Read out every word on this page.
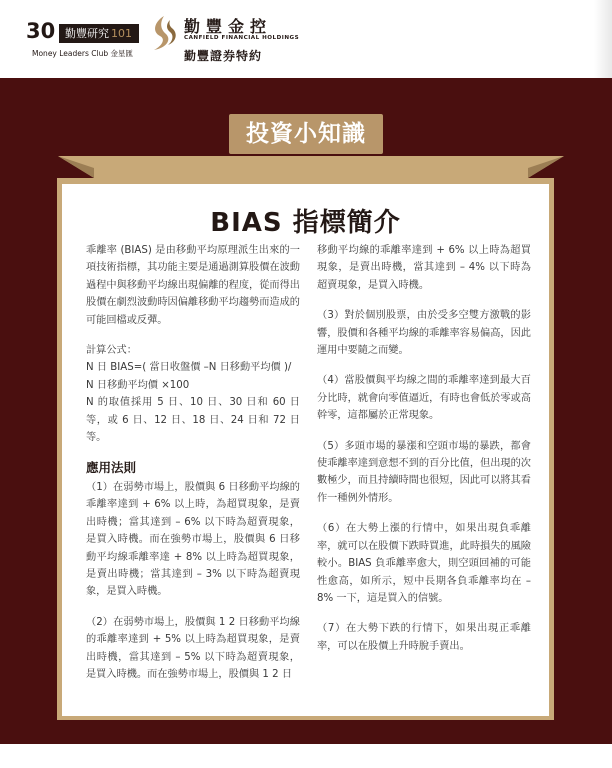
30 勤豐研究 101
Money Leaders Club 金星匯
勤豐金控
CANFIELD FINANCIAL HOLDINGS
勤豐證券特約
投資小知識
BIAS 指標簡介

乖離率 (BIAS) 是由移動平均原理派生出來的一項技術指標，其功能主要是通過測算股價在波動過程中與移動平均線出現偏離的程度，從而得出股價在劇烈波動時因偏離移動平均趨勢而造成的可能回檔或反彈。

計算公式：

N 日 BIAS=( 當日收盤價 –N 日移動平均價 )/

N 日移動平均價 ×100

N 的取值採用 5 日、10 日、30 日和 60 日等，或 6 日、12 日、18 日、24 日和 72 日等。

應用法則

（1）在弱勢市場上，股價與 6 日移動平均線的乖離率達到 + 6% 以上時，為超買現象，是賣出時機；當其達到 – 6% 以下時為超賣現象，是買入時機。而在強勢市場上，股價與 6 日移動平均線乖離率達 + 8% 以上時為超買現象，是賣出時機；當其達到 – 3% 以下時為超賣現象，是買入時機。

（2）在弱勢市場上，股價與 1 2 日移動平均線的乖離率達到 + 5% 以上時為超買現象，是賣出時機，當其達到 – 5% 以下時為超賣現象，是買入時機。而在強勢市場上，股價與 1 2 日

移動平均線的乖離率達到 + 6% 以上時為超買現象，是賣出時機，當其達到 – 4% 以下時為超賣現象，是買入時機。

（3）對於個別股票，由於受多空雙方激戰的影響，股價和各種平均線的乖離率容易偏高，因此運用中要隨之而變。

（4）當股價與平均線之間的乖離率達到最大百分比時，就會向零值逼近，有時也會低於零或高幹零，這都屬於正常現象。

（5）多頭市場的暴漲和空頭市場的暴跌，都會使乖離率達到意想不到的百分比值，但出現的次數極少，而且持續時間也很短，因此可以將其看作一種例外情形。

（6）在大勢上漲的行情中，如果出現負乖離率，就可以在股價下跌時買進，此時損失的風險較小。BIAS 負乖離率愈大，則空頭回補的可能性愈高，如所示，短中長期各負乖離率均在 –8% 一下，這是買入的信號。

（7）在大勢下跌的行情下，如果出現正乖離率，可以在股價上升時脫手賣出。
